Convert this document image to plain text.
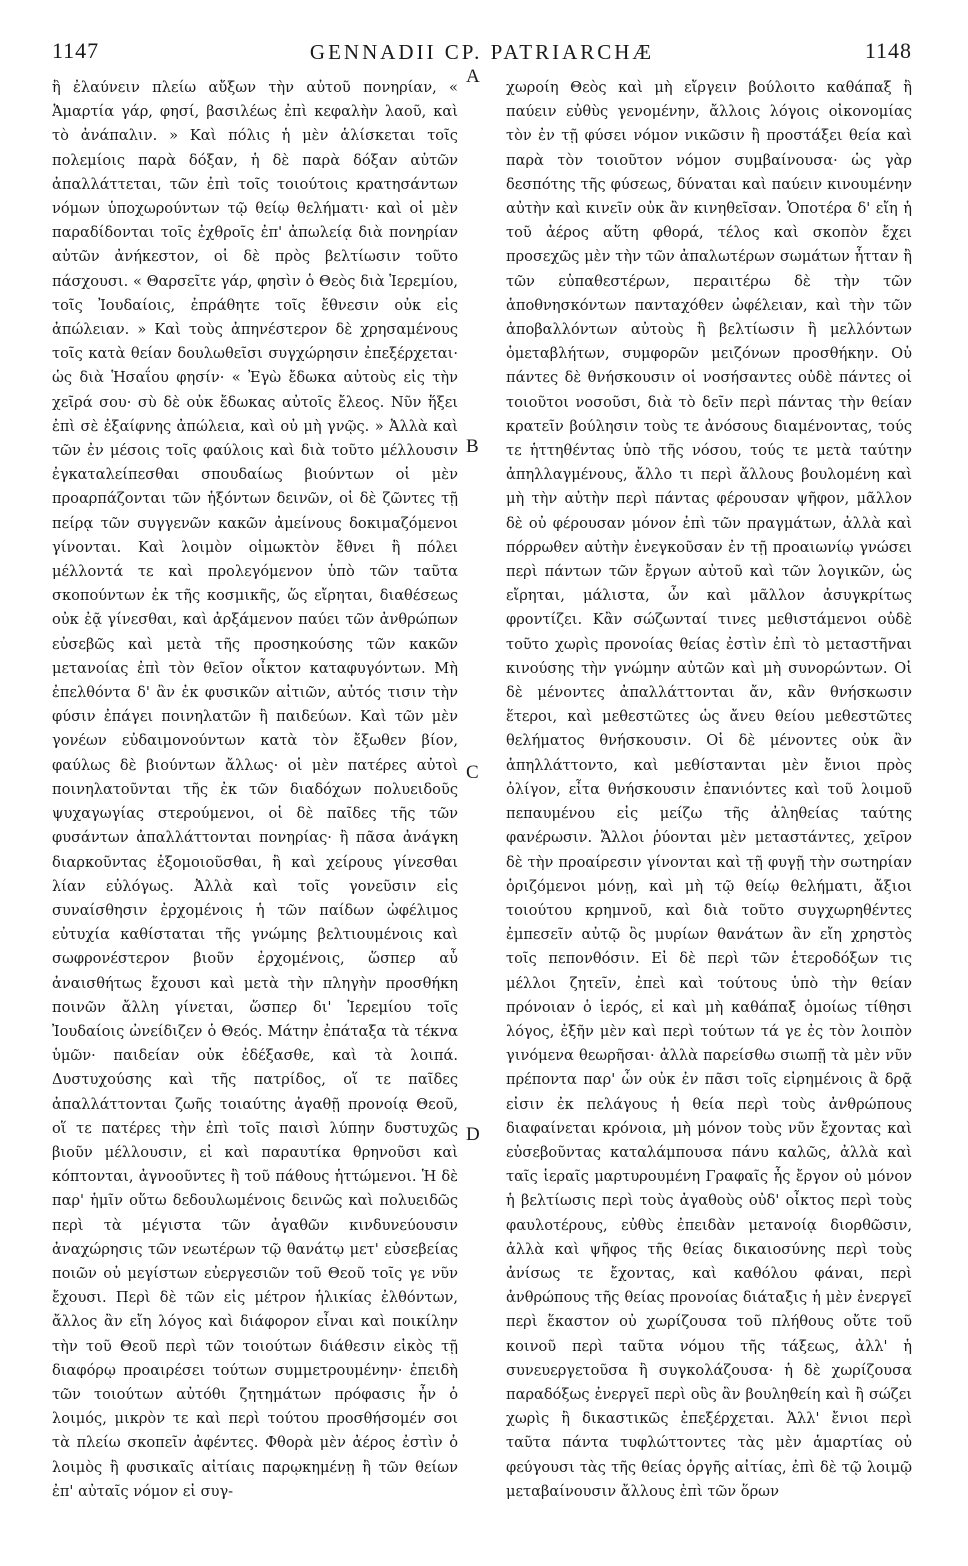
1147	GENNADII CP. PATRIARCHÆ	1148

ἢ ἐλαύνειν πλείω αὔξων τὴν αὐτοῦ πονηρίαν, « Ἁμαρτία γάρ, φησί, βασιλέως ἐπὶ κεφαλὴν λαοῦ, καὶ τὸ ἀνάπαλιν. » Καὶ πόλις ἡ μὲν ἁλίσκεται τοῖς πολεμίοις παρὰ δόξαν, ἡ δὲ παρὰ δόξαν αὐτῶν ἀπαλλάττεται, τῶν ἐπὶ τοῖς τοιούτοις κρατησάντων νόμων ὑποχωρούντων τῷ θείῳ θελήματι· καὶ οἱ μὲν παραδίδονται τοῖς ἐχθροῖς ἐπ' ἀπωλείᾳ διὰ πονηρίαν αὐτῶν ἀνήκεστον, οἱ δὲ πρὸς βελτίωσιν τοῦτο πάσχουσι. « Θαρσεῖτε γάρ, φησὶν ὁ Θεὸς διὰ Ἱερεμίου, τοῖς Ἰουδαίοις, ἐπράθητε τοῖς ἔθνεσιν οὐκ εἰς ἀπώλειαν. » Καὶ τοὺς ἀπηνέστερον δὲ χρησαμένους τοῖς κατὰ θείαν δουλωθεῖσι συγχώρησιν ἐπεξέρχεται· ὡς διὰ Ἡσαΐου φησίν· « Ἐγὼ ἔδωκα αὐτοὺς εἰς τὴν χεῖρά σου· σὺ δὲ οὐκ ἔδωκας αὐτοῖς ἔλεος. Νῦν ἥξει ἐπὶ σὲ ἐξαίφνης ἀπώλεια, καὶ οὐ μὴ γνῷς. » Ἀλλὰ καὶ τῶν ἐν μέσοις τοῖς φαύλοις καὶ διὰ τοῦτο μέλλουσιν ἐγκαταλείπεσθαι σπουδαίως βιούντων οἱ μὲν προαρπάζονται τῶν ἡξόντων δεινῶν, οἱ δὲ ζῶντες τῇ πείρᾳ τῶν συγγενῶν κακῶν ἀμείνους δοκιμαζόμενοι γίνονται. Καὶ λοιμὸν οἰμωκτὸν ἔθνει ἢ πόλει μέλλοντά τε καὶ προλεγόμενον ὑπὸ τῶν ταῦτα σκοπούντων ἐκ τῆς κοσμικῆς, ὥς εἴρηται, διαθέσεως οὐκ ἐᾷ γίνεσθαι, καὶ ἀρξάμενον παύει τῶν ἀνθρώπων εὐσεβῶς καὶ μετὰ τῆς προσηκούσης τῶν κακῶν μετανοίας ἐπὶ τὸν θεῖον οἶκτον καταφυγόντων. Μὴ ἐπελθόντα δ' ἂν ἐκ φυσικῶν αἰτιῶν, αὐτός τισιν τὴν φύσιν ἐπάγει ποινηλατῶν ἢ παιδεύων. Καὶ τῶν μὲν γονέων εὐδαιμονούντων κατὰ τὸν ἔξωθεν βίον, φαύλως δὲ βιούντων ἄλλως· οἱ μὲν πατέρες αὐτοὶ ποινηλατοῦνται τῆς ἐκ τῶν διαδόχων πολυειδοῦς ψυχαγωγίας στερούμενοι, οἱ δὲ παῖδες τῆς τῶν φυσάντων ἀπαλλάττονται πονηρίας· ἢ πᾶσα ἀνάγκη διαρκοῦντας ἐξομοιοῦσθαι, ἢ καὶ χείρους γίνεσθαι λίαν εὐλόγως. Ἀλλὰ καὶ τοῖς γονεῦσιν εἰς συναίσθησιν ἐρχομένοις ἡ τῶν παίδων ὠφέλιμος εὐτυχία καθίσταται τῆς γνώμης βελτιουμένοις καὶ σωφρονέστερον βιοῦν ἐρχομένοις, ὥσπερ αὖ ἀναισθήτως ἔχουσι καὶ μετὰ τὴν πληγὴν προσθήκη ποινῶν ἄλλη γίνεται, ὥσπερ δι' Ἱερεμίου τοῖς Ἰουδαίοις ὠνείδιζεν ὁ Θεός. Μάτην ἐπάταξα τὰ τέκνα ὑμῶν· παιδείαν οὐκ ἐδέξασθε, καὶ τὰ λοιπά. Δυστυχούσης καὶ τῆς πατρίδος, οἵ τε παῖδες ἀπαλλάττονται ζωῆς τοιαύτης ἀγαθῇ προνοίᾳ Θεοῦ, οἵ τε πατέρες τὴν ἐπὶ τοῖς παισὶ λύπην δυστυχῶς βιοῦν μέλλουσιν, εἰ καὶ παραυτίκα θρηνοῦσι καὶ κόπτονται, ἀγνοοῦντες ἢ τοῦ πάθους ἡττώμενοι. Ἡ δὲ παρ' ἡμῖν οὕτω δεδουλωμένοις δεινῶς καὶ πολυειδῶς περὶ τὰ μέγιστα τῶν ἀγαθῶν κινδυνεύουσιν ἀναχώρησις τῶν νεωτέρων τῷ θανάτῳ μετ' εὐσεβείας ποιῶν οὐ μεγίστων εὐεργεσιῶν τοῦ Θεοῦ τοῖς γε νῦν ἔχουσι. Περὶ δὲ τῶν εἰς μέτρον ἡλικίας ἐλθόντων, ἄλλος ἂν εἴη λόγος καὶ διάφορον εἶναι καὶ ποικίλην τὴν τοῦ Θεοῦ περὶ τῶν τοιούτων διάθεσιν εἰκὸς τῇ διαφόρῳ προαιρέσει τούτων συμμετρουμένην· ἐπειδὴ τῶν τοιούτων αὐτόθι ζητημάτων πρόφασις ἦν ὁ λοιμός, μικρὸν τε καὶ περὶ τούτου προσθήσομέν σοι τὰ πλείω σκοπεῖν ἀφέντες. Φθορὰ μὲν ἀέρος ἐστὶν ὁ λοιμὸς ἢ φυσικαῖς αἰτίαις παρῳκημένῃ ἢ τῶν θείων ἐπ' αὐταῖς νόμον εἰ συγ-

χωροίη Θεὸς καὶ μὴ εἴργειν βούλοιτο καθάπαξ ἢ παύειν εὐθὺς γενομένην, ἄλλοις λόγοις οἰκονομίας τὸν ἐν τῇ φύσει νόμον νικῶσιν ἢ προστάξει θεία καὶ παρὰ τὸν τοιοῦτον νόμον συμβαίνουσα· ὡς γὰρ δεσπότης τῆς φύσεως, δύναται καὶ παύειν κινουμένην αὐτὴν καὶ κινεῖν οὐκ ἂν κινηθεῖσαν. Ὁποτέρα δ' εἴη ἡ τοῦ ἀέρος αὕτη φθορά, τέλος καὶ σκοπὸν ἔχει προσεχῶς μὲν τὴν τῶν ἀπαλωτέρων σωμάτων ἧτταν ἢ τῶν εὐπαθεστέρων, περαιτέρω δὲ τὴν τῶν ἀποθνησκόντων πανταχόθεν ὠφέλειαν, καὶ τὴν τῶν ἀποβαλλόντων αὐτοὺς ἢ βελτίωσιν ἢ μελλόντων ὁμεταβλήτων, συμφορῶν μειζόνων προσθήκην. Οὐ πάντες δὲ θνήσκουσιν οἱ νοσήσαντες οὐδὲ πάντες οἱ τοιοῦτοι νοσοῦσι, διὰ τὸ δεῖν περὶ πάντας τὴν θείαν κρατεῖν βούλησιν τοὺς τε ἀνόσους διαμένοντας, τούς τε ἡττηθέντας ὑπὸ τῆς νόσου, τούς τε μετὰ ταύτην ἀπηλλαγμένους, ἄλλο τι περὶ ἄλλους βουλομένη καὶ μὴ τὴν αὐτὴν περὶ πάντας φέρουσαν ψῆφον, μᾶλλον δὲ οὐ φέρουσαν μόνον ἐπὶ τῶν πραγμάτων, ἀλλὰ καὶ πόρρωθεν αὐτὴν ἐνεγκοῦσαν ἐν τῇ προαιωνίῳ γνώσει περὶ πάντων τῶν ἔργων αὐτοῦ καὶ τῶν λογικῶν, ὡς εἴρηται, μάλιστα, ὧν καὶ μᾶλλον ἀσυγκρίτως φροντίζει. Κἂν σώζωνταί τινες μεθιστάμενοι οὐδὲ τοῦτο χωρὶς προνοίας θείας ἐστὶν ἐπὶ τὸ μεταστῆναι κινούσης τὴν γνώμην αὐτῶν καὶ μὴ συνορώντων. Οἱ δὲ μένοντες ἀπαλλάττονται ἄν, κἂν θνήσκωσιν ἕτεροι, καὶ μεθεστῶτες ὡς ἄνευ θείου μεθεστῶτες θελήματος θνήσκουσιν. Οἱ δὲ μένοντες οὐκ ἂν ἀπηλλάττοντο, καὶ μεθίστανται μὲν ἔνιοι πρὸς ὀλίγον, εἶτα θνήσκουσιν ἐπανιόντες καὶ τοῦ λοιμοῦ πεπαυμένου εἰς μείζω τῆς ἀληθείας ταύτης φανέρωσιν. Ἄλλοι ῥύονται μὲν μεταστάντες, χεῖρον δὲ τὴν προαίρεσιν γίνονται καὶ τῇ φυγῇ τὴν σωτηρίαν ὁριζόμενοι μόνῃ, καὶ μὴ τῷ θείῳ θελήματι, ἄξιοι τοιούτου κρημνοῦ, καὶ διὰ τοῦτο συγχωρηθέντες ἐμπεσεῖν αὐτῷ ὃς μυρίων θανάτων ἂν εἴη χρηστὸς τοῖς πεπονθόσιν. Εἰ δὲ περὶ τῶν ἑτεροδόξων τις μέλλοι ζητεῖν, ἐπεὶ καὶ τούτους ὑπὸ τὴν θείαν πρόνοιαν ὁ ἱερός, εἰ καὶ μὴ καθάπαξ ὁμοίως τίθησι λόγος, ἐξῆν μὲν καὶ περὶ τούτων τά γε ἐς τὸν λοιπὸν γινόμενα θεωρῆσαι· ἀλλὰ παρείσθω σιωπῇ τὰ μὲν νῦν πρέποντα παρ' ὧν οὐκ ἐν πᾶσι τοῖς εἰρημένοις ἂ δρᾷ εἰσιν ἐκ πελάγους ἡ θεία περὶ τοὺς ἀνθρώπους διαφαίνεται κρόνοια, μὴ μόνον τοὺς νῦν ἔχοντας καὶ εὐσεβοῦντας καταλάμπουσα πάνυ καλῶς, ἀλλὰ καὶ ταῖς ἱεραῖς μαρτυρουμένη Γραφαῖς ἧς ἔργον οὐ μόνον ἡ βελτίωσις περὶ τοὺς ἀγαθοὺς οὐδ' οἶκτος περὶ τοὺς φαυλοτέρους, εὐθὺς ἐπειδὰν μετανοίᾳ διορθῶσιν, ἀλλὰ καὶ ψῆφος τῆς θείας δικαιοσύνης περὶ τοὺς ἀνίσως τε ἔχοντας, καὶ καθόλου φάναι, περὶ ἀνθρώπους τῆς θείας προνοίας διάταξις ἡ μὲν ἐνεργεῖ περὶ ἕκαστον οὐ χωρίζουσα τοῦ πλήθους οὔτε τοῦ κοινοῦ περὶ ταῦτα νόμου τῆς τάξεως, ἀλλ' ἡ συνευεργετοῦσα ἢ συγκολάζουσα· ἡ δὲ χωρίζουσα παραδόξως ἐνεργεῖ περὶ οὓς ἂν βουληθείη καὶ ἢ σώζει χωρὶς ἢ δικαστικῶς ἐπεξέρχεται. Ἀλλ' ἔνιοι περὶ ταῦτα πάντα τυφλώττοντες τὰς μὲν ἁμαρτίας οὐ φεύγουσι τὰς τῆς θείας ὀργῆς αἰτίας, ἐπὶ δὲ τῷ λοιμῷ μεταβαίνουσιν ἄλλους ἐπὶ τῶν ὅρων

A
B
C
D
